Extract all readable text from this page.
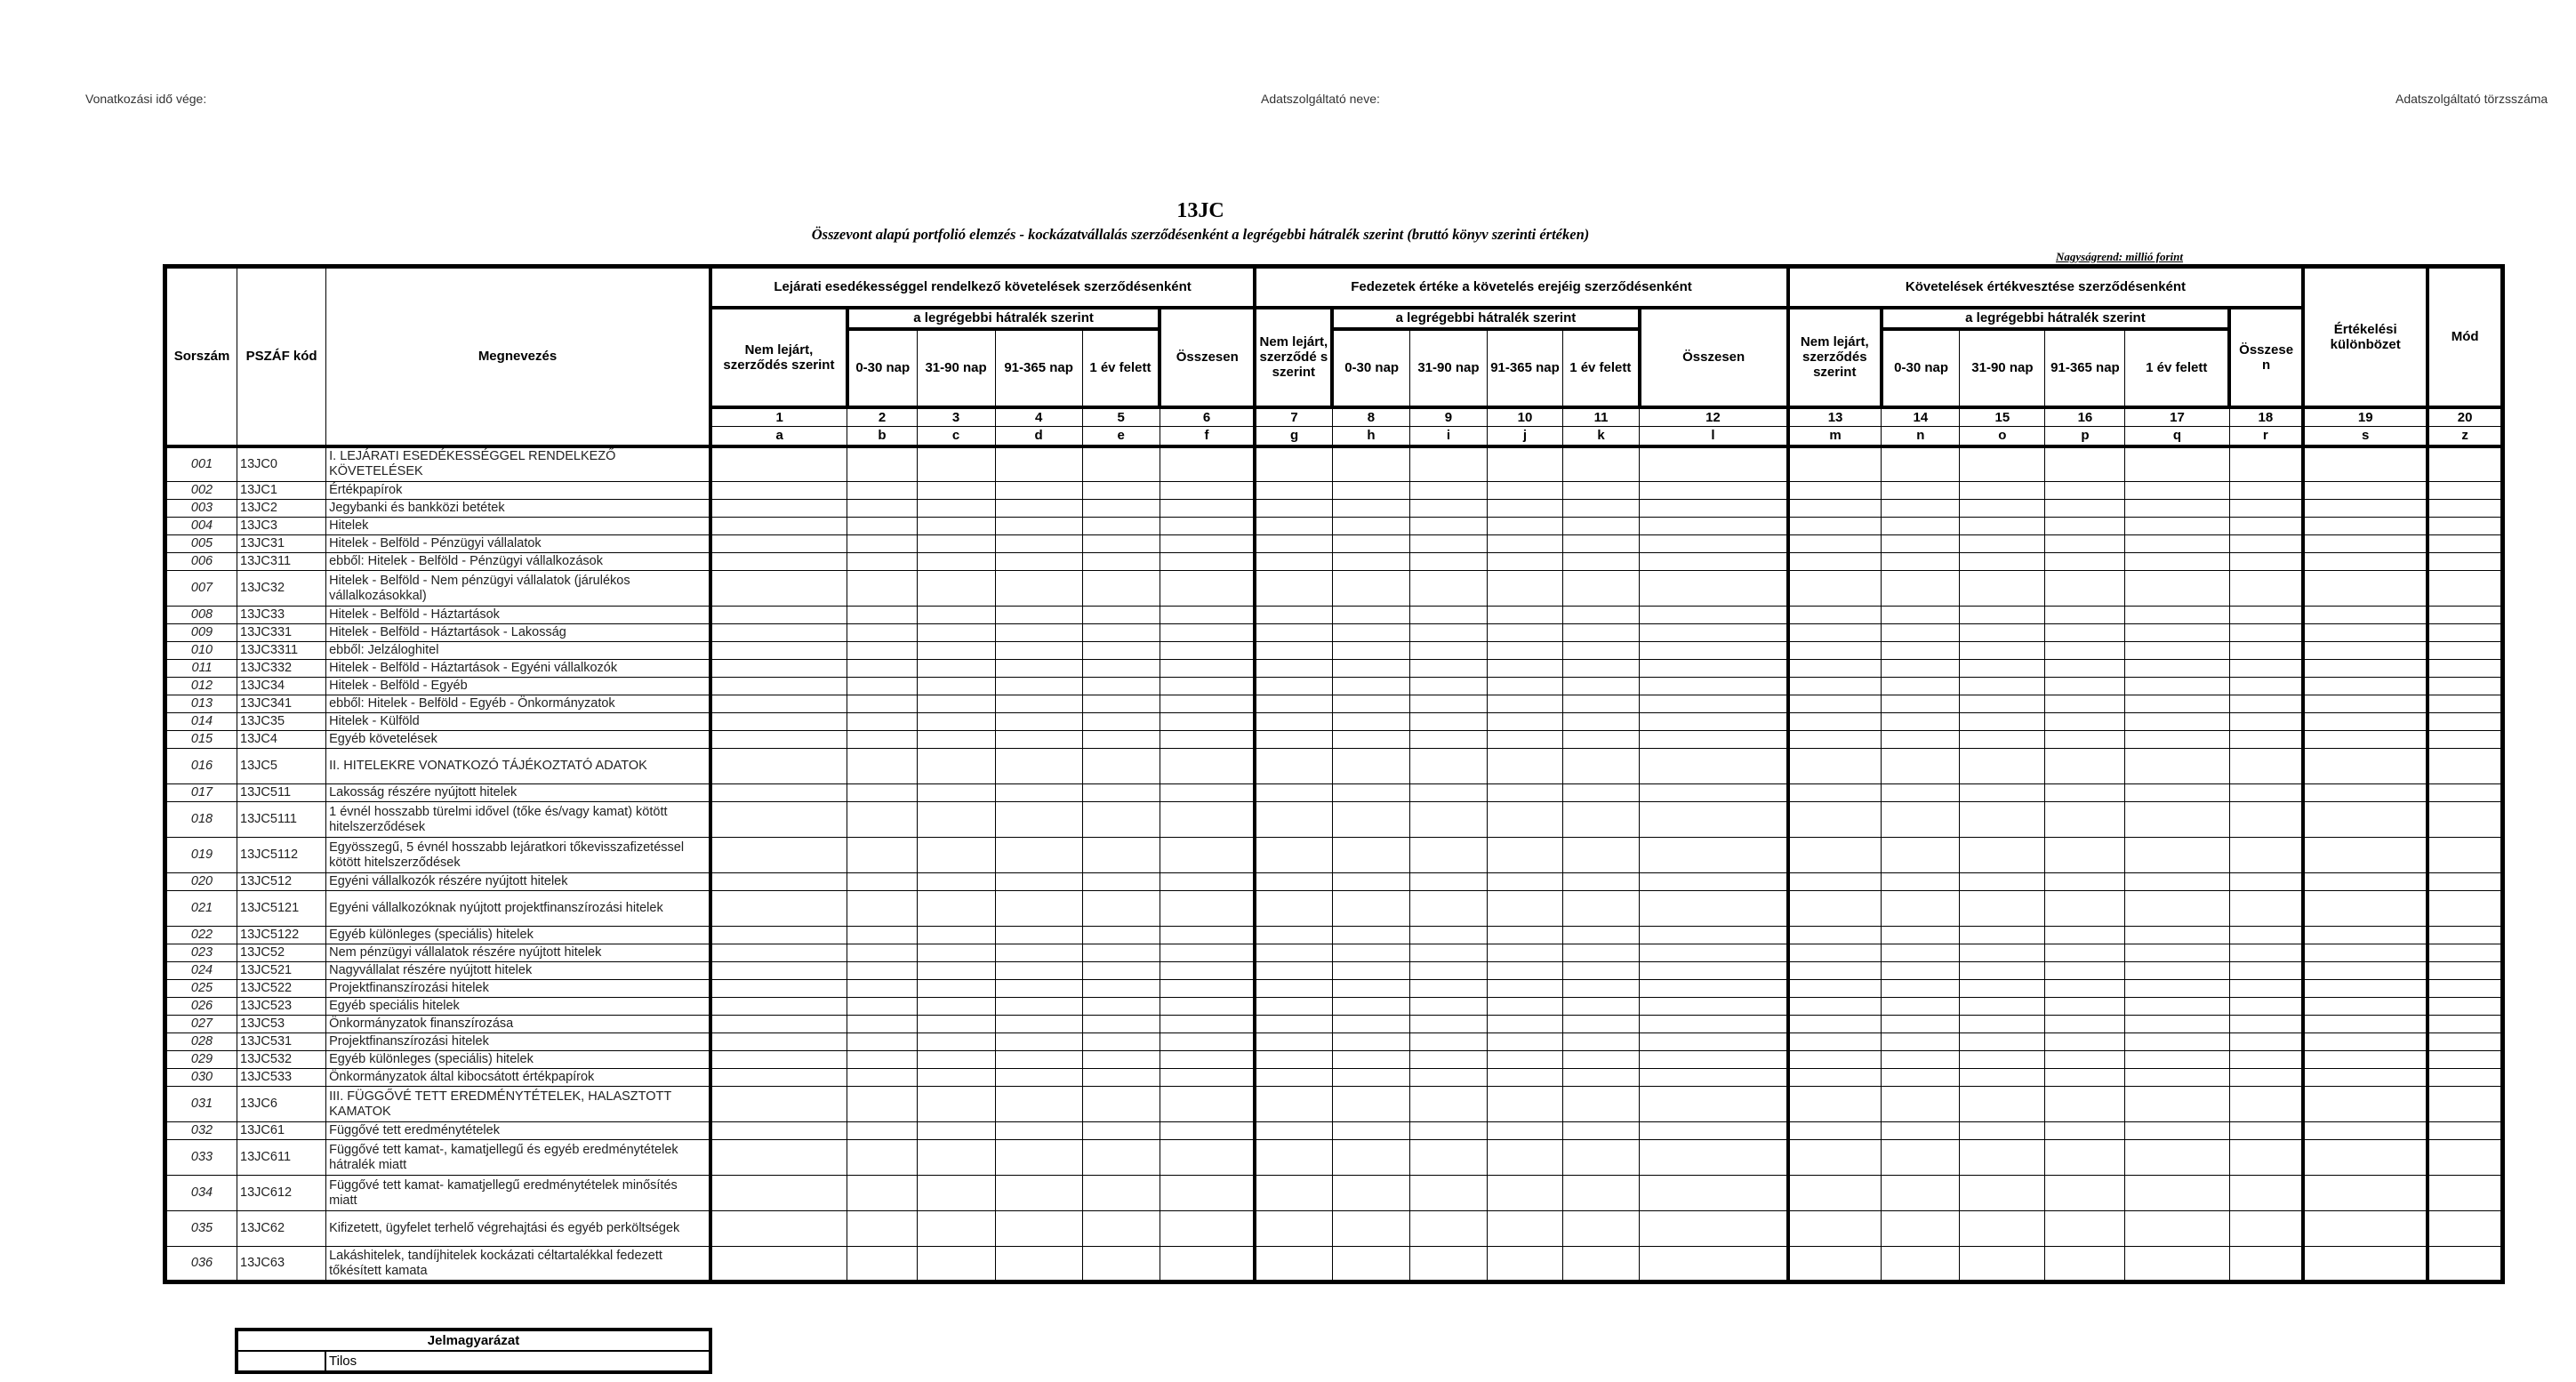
Vonatkozási idő vége:	Adatszolgáltató neve:	Adatszolgáltató törzsszáma
13JC
Összevont alapú portfolió elemzés - kockázatvállalás szerződésenként a legrégebbi hátralék szerint (bruttó könyv szerinti értéken)
Nagyságrend: millió forint
Sorszám	PSZÁF kód	Megnevezés	Lejárati esedékességgel rendelkező követelések szerződésenként						Fedezetek értéke a követelés erejéig szerződésenként						Követelések értékvesztése szerződésenként						Értékelési különbözet	Mód
			Nem lejárt, szerződés szerint	a legrégebbi hátralék szerint				Összesen	Nem lejárt, szerződé s szerint	a legrégebbi hátralék szerint				Összesen	Nem lejárt, szerződés szerint	a legrégebbi hátralék szerint				Összese n		
				0-30 nap	31-90 nap	91-365 nap	1 év felett			0-30 nap	31-90 nap	91-365 nap	1 év felett			0-30 nap	31-90 nap	91-365 nap	1 év felett			
			1	2	3	4	5	6	7	8	9	10	11	12	13	14	15	16	17	18	19	20
			a	b	c	d	e	f	g	h	i	j	k	l	m	n	o	p	q	r	s	z
001	13JC0	I. LEJÁRATI ESEDÉKESSÉGGEL RENDELKEZŐ KÖVETELÉSEK																				
002	13JC1	Értékpapírok																				
003	13JC2	Jegybanki és bankközi betétek																				
004	13JC3	Hitelek																				
005	13JC31	Hitelek - Belföld - Pénzügyi vállalatok																				
006	13JC311	ebből: Hitelek - Belföld - Pénzügyi vállalkozások																				
007	13JC32	Hitelek - Belföld - Nem pénzügyi vállalatok (járulékos vállalkozásokkal)																				
008	13JC33	Hitelek - Belföld - Háztartások																				
009	13JC331	Hitelek - Belföld - Háztartások - Lakosság																				
010	13JC3311	ebből: Jelzáloghitel																				
011	13JC332	Hitelek - Belföld - Háztartások - Egyéni vállalkozók																				
012	13JC34	Hitelek - Belföld - Egyéb																				
013	13JC341	ebből: Hitelek - Belföld - Egyéb - Önkormányzatok																				
014	13JC35	Hitelek - Külföld																				
015	13JC4	Egyéb követelések																				
016	13JC5	II. HITELEKRE VONATKOZÓ TÁJÉKOZTATÓ ADATOK																				
017	13JC511	Lakosság részére nyújtott hitelek																				
018	13JC5111	1 évnél hosszabb türelmi idővel (tőke és/vagy kamat) kötött hitelszerződések																				
019	13JC5112	Egyösszegű, 5 évnél hosszabb lejáratkori tőkevisszafizetéssel kötött hitelszerződések																				
020	13JC512	Egyéni vállalkozók részére nyújtott hitelek																				
021	13JC5121	Egyéni vállalkozóknak nyújtott projektfinanszírozási hitelek																				
022	13JC5122	Egyéb különleges (speciális) hitelek																				
023	13JC52	Nem pénzügyi vállalatok részére nyújtott hitelek																				
024	13JC521	Nagyvállalat részére nyújtott hitelek																				
025	13JC522	Projektfinanszírozási hitelek																				
026	13JC523	Egyéb speciális hitelek																				
027	13JC53	Önkormányzatok finanszírozása																				
028	13JC531	Projektfinanszírozási hitelek																				
029	13JC532	Egyéb különleges (speciális) hitelek																				
030	13JC533	Önkormányzatok által kibocsátott értékpapírok																				
031	13JC6	III. FÜGGŐVÉ TETT EREDMÉNYTÉTELEK, HALASZTOTT KAMATOK																				
032	13JC61	Függővé tett eredménytételek																				
033	13JC611	Függővé tett kamat-, kamatjellegű és egyéb eredménytételek hátralék miatt																				
034	13JC612	Függővé tett kamat- kamatjellegű eredménytételek minősítés miatt																				
035	13JC62	Kifizetett, ügyfelet terhelő végrehajtási és egyéb perköltségek																				
036	13JC63	Lakáshitelek, tandíjhitelek kockázati céltartalékkal fedezett tőkésített kamata																				
Jelmagyarázat
	Tilos
